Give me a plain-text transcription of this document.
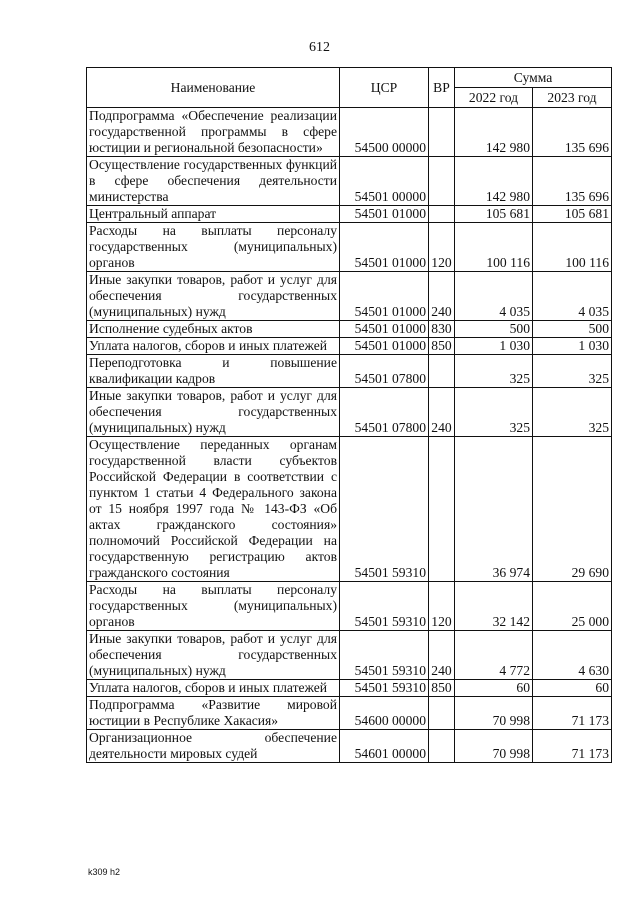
612
Наименование	ЦСР	ВР	Сумма	
			2022 год	2023 год
Подпрограмма «Обеспечение реализации государственной программы в сфере юстиции и региональной безопасности»	54500 00000		142 980	135 696
Осуществление государственных функций в сфере обеспечения деятельности министерства	54501 00000		142 980	135 696
Центральный аппарат	54501 01000		105 681	105 681
Расходы на выплаты персоналу государственных (муниципальных) органов	54501 01000	120	100 116	100 116
Иные закупки товаров, работ и услуг для обеспечения государственных (муниципальных) нужд	54501 01000	240	4 035	4 035
Исполнение судебных актов	54501 01000	830	500	500
Уплата налогов, сборов и иных платежей	54501 01000	850	1 030	1 030
Переподготовка и повышение квалификации кадров	54501 07800		325	325
Иные закупки товаров, работ и услуг для обеспечения государственных (муниципальных) нужд	54501 07800	240	325	325
Осуществление переданных органам государственной власти субъектов Российской Федерации в соответствии с пунктом 1 статьи 4 Федерального закона от 15 ноября 1997 года № 143-ФЗ «Об актах гражданского состояния» полномочий Российской Федерации на государственную регистрацию актов гражданского состояния	54501 59310		36 974	29 690
Расходы на выплаты персоналу государственных (муниципальных) органов	54501 59310	120	32 142	25 000
Иные закупки товаров, работ и услуг для обеспечения государственных (муниципальных) нужд	54501 59310	240	4 772	4 630
Уплата налогов, сборов и иных платежей	54501 59310	850	60	60
Подпрограмма «Развитие мировой юстиции в Республике Хакасия»	54600 00000		70 998	71 173
Организационное обеспечение деятельности мировых судей	54601 00000		70 998	71 173
k309 h2
